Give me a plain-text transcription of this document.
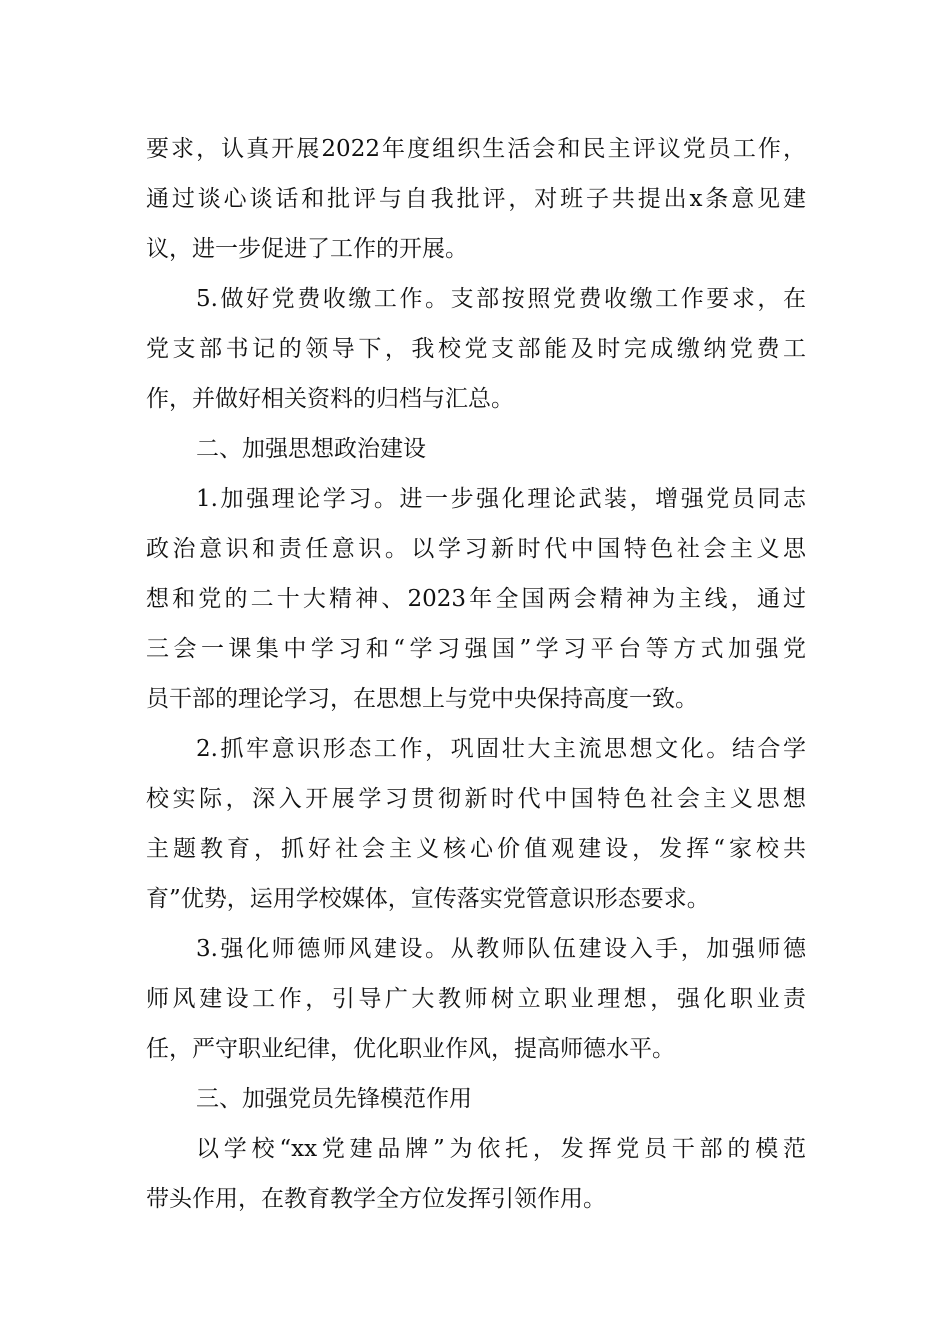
要求，认真开展2022年度组织生活会和民主评议党员工作，
通过谈心谈话和批评与自我批评，对班子共提出x条意见建
议，进一步促进了工作的开展。
5.做好党费收缴工作。支部按照党费收缴工作要求，在
党支部书记的领导下，我校党支部能及时完成缴纳党费工
作，并做好相关资料的归档与汇总。
二、加强思想政治建设
1.加强理论学习。进一步强化理论武装，增强党员同志
政治意识和责任意识。以学习新时代中国特色社会主义思
想和党的二十大精神、2023年全国两会精神为主线，通过
三会一课集中学习和“学习强国”学习平台等方式加强党
员干部的理论学习，在思想上与党中央保持高度一致。
2.抓牢意识形态工作，巩固壮大主流思想文化。结合学
校实际，深入开展学习贯彻新时代中国特色社会主义思想
主题教育，抓好社会主义核心价值观建设，发挥“家校共
育”优势，运用学校媒体，宣传落实党管意识形态要求。
3.强化师德师风建设。从教师队伍建设入手，加强师德
师风建设工作，引导广大教师树立职业理想，强化职业责
任，严守职业纪律，优化职业作风，提高师德水平。
三、加强党员先锋模范作用
以学校“xx党建品牌”为依托，发挥党员干部的模范
带头作用，在教育教学全方位发挥引领作用。
